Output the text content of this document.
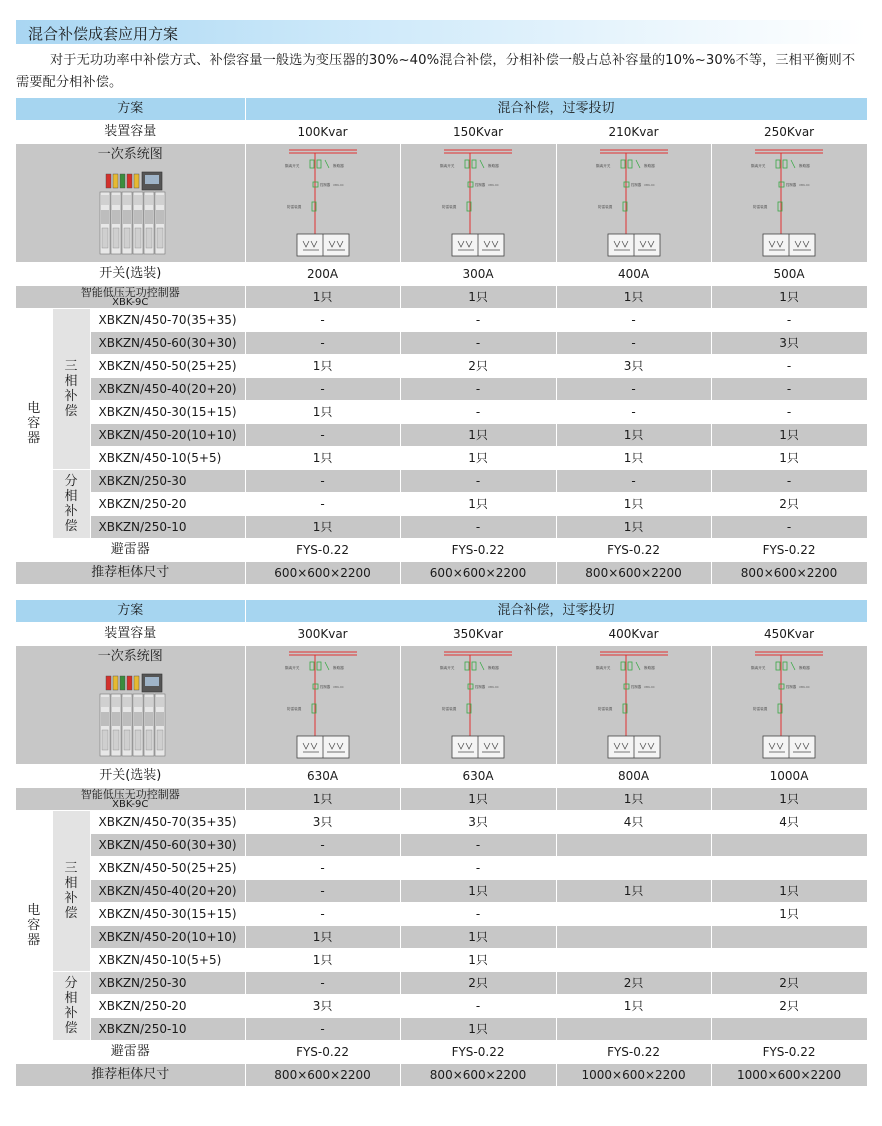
混合补偿成套应用方案
对于无功功率中补偿方式、补偿容量一般选为变压器的30%~40%混合补偿，分相补偿一般占总补容量的10%~30%不等，三相平衡则不需要配分相补偿。
方案			混合补偿，过零投切			
装置容量			100Kvar	150Kvar	210Kvar	250Kvar

一次系统图			隔离开关 断路器
控制器 XBK-9C
防雷装置	隔离开关 断路器
控制器 XBK-9C
防雷装置	隔离开关 断路器
控制器 XBK-9C
防雷装置	隔离开关 断路器
控制器 XBK-9C
防雷装置

开关(选装)			200A	300A	400A	500A

智能低压无功控制器
XBK-9C			1只	1只	1只	1只
电容器	三相补偿	XBKZN/450-70(35+35)	-	-	-	-
		XBKZN/450-60(30+30)	-	-	-	3只
		XBKZN/450-50(25+25)	1只	2只	3只	-
		XBKZN/450-40(20+20)	-	-	-	-
		XBKZN/450-30(15+15)	1只	-	-	-
		XBKZN/450-20(10+10)	-	1只	1只	1只
		XBKZN/450-10(5+5)	1只	1只	1只	1只
	分相补偿	XBKZN/250-30	-	-	-	-
		XBKZN/250-20	-	1只	1只	2只
		XBKZN/250-10	1只	-	1只	-
避雷器			FYS-0.22	FYS-0.22	FYS-0.22	FYS-0.22
推荐柜体尺寸			600×600×2200	600×600×2200	800×600×2200	800×600×2200
方案			混合补偿，过零投切			
装置容量			300Kvar	350Kvar	400Kvar	450Kvar

一次系统图			隔离开关 断路器
控制器 XBK-9C
防雷装置	隔离开关 断路器
控制器 XBK-9C
防雷装置	隔离开关 断路器
控制器 XBK-9C
防雷装置	隔离开关 断路器
控制器 XBK-9C
防雷装置

开关(选装)			630A	630A	800A	1000A

智能低压无功控制器
XBK-9C			1只	1只	1只	1只
电容器	三相补偿	XBKZN/450-70(35+35)	3只	3只	4只	4只
		XBKZN/450-60(30+30)	-	-		
		XBKZN/450-50(25+25)	-	-		
		XBKZN/450-40(20+20)	-	1只	1只	1只
		XBKZN/450-30(15+15)	-	-		1只
		XBKZN/450-20(10+10)	1只	1只		
		XBKZN/450-10(5+5)	1只	1只		
	分相补偿	XBKZN/250-30	-	2只	2只	2只
		XBKZN/250-20	3只	-	1只	2只
		XBKZN/250-10	-	1只		
避雷器			FYS-0.22	FYS-0.22	FYS-0.22	FYS-0.22
推荐柜体尺寸			800×600×2200	800×600×2200	1000×600×2200	1000×600×2200
